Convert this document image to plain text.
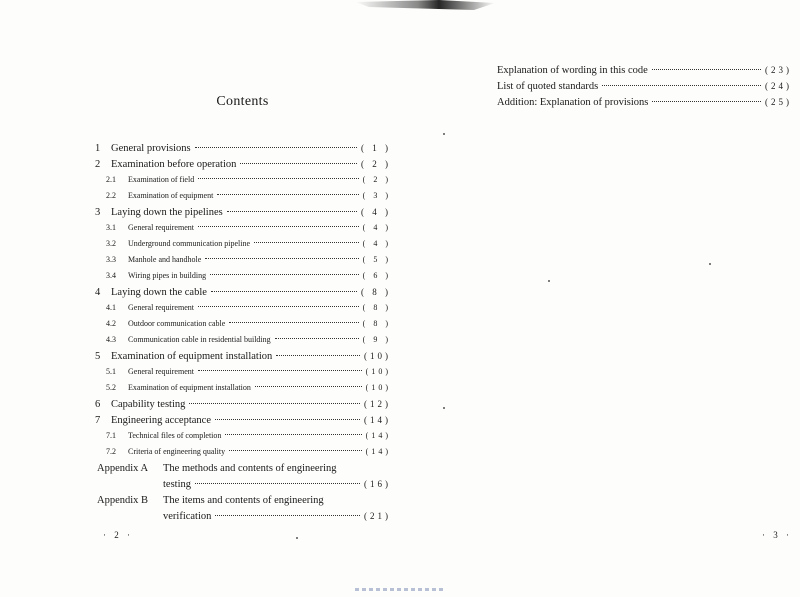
Contents
1	General provisions	( 1 )
2	Examination before operation	( 2 )
2.1	Examination of field	( 2 )
2.2	Examination of equipment	( 3 )
3	Laying down the pipelines	( 4 )
3.1	General requirement	( 4 )
3.2	Underground communication pipeline	( 4 )
3.3	Manhole and handhole	( 5 )
3.4	Wiring pipes in building	( 6 )
4	Laying down the cable	( 8 )
4.1	General requirement	( 8 )
4.2	Outdoor communication cable	( 8 )
4.3	Communication cable in residential building	( 9 )
5	Examination of equipment installation	(10)
5.1	General requirement	(10)
5.2	Examination of equipment installation	(10)
6	Capability testing	(12)
7	Engineering acceptance	(14)
7.1	Technical files of completion	(14)
7.2	Criteria of engineering quality	(14)
Appendix A The methods and contents of engineering
testing	(16)
Appendix B The items and contents of engineering
verification	(21)
· 2 ·
Explanation of wording in this code	(23)
List of quoted standards	(24)
Addition: Explanation of provisions	(25)
· 3 ·
